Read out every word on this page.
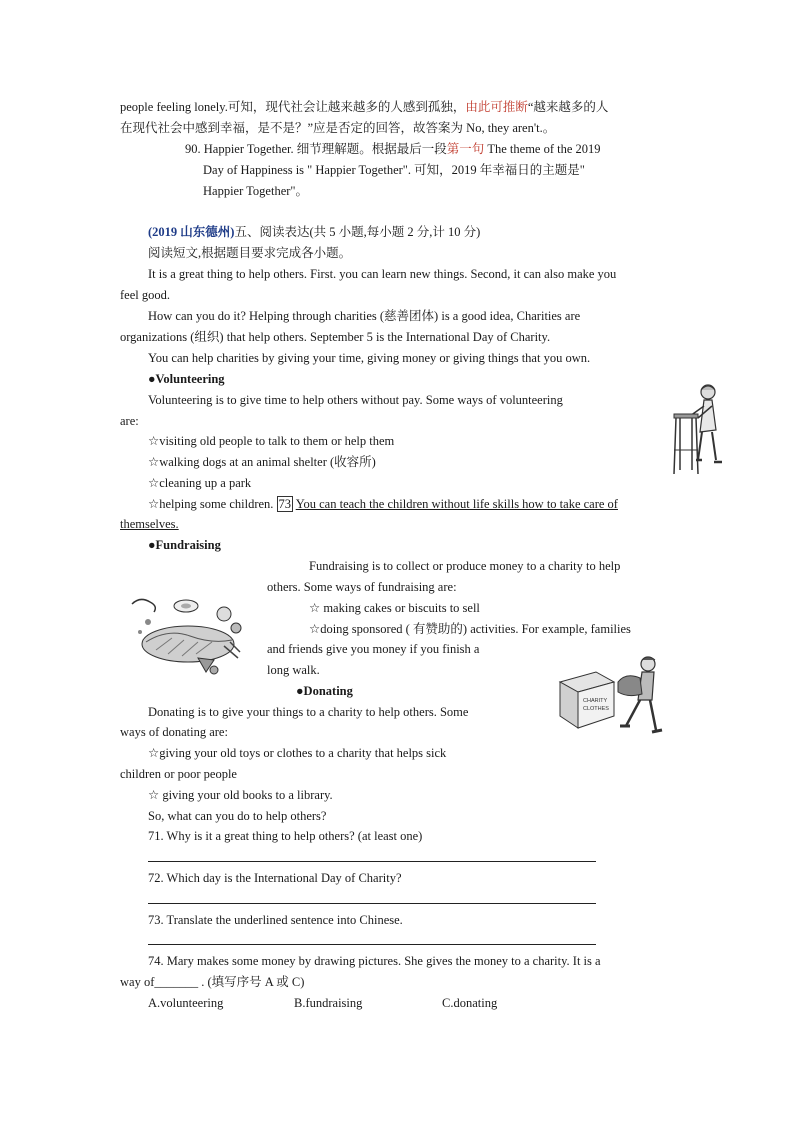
people feeling lonely.可知，现代社会让越来越多的人感到孤独，由此可推断“越来越多的人
在现代社会中感到幸福，是不是？”应是否定的回答，故答案为 No, they aren't.。
90. Happier Together. 细节理解题。根据最后一段第一句 The theme of the 2019
Day of Happiness is " Happier Together". 可知，2019 年幸福日的主题是"
Happier Together"。
(2019 山东德州)五、阅读表达(共 5 小题,每小题 2 分,计 10 分)
阅读短文,根据题目要求完成各小题。
It is a great thing to help others. First. you can learn new things. Second, it can also make you
feel good.
How can you do it? Helping through charities (慈善团体) is a good idea, Charities are
organizations (组织) that help others. September 5 is the International Day of Charity.
You can help charities by giving your time, giving money or giving things that you own.
●Volunteering
Volunteering is to give time to help others without pay. Some ways of volunteering
are:
☆visiting old people to talk to them or help them
☆walking dogs at an animal shelter (收容所)
☆cleaning up a park
☆helping some children. 73 You can teach the children without life skills how to take care of
themselves.
●Fundraising
Fundraising is to collect or produce money to a charity to help
others. Some ways of fundraising are:
☆ making cakes or biscuits to sell
☆doing sponsored ( 有赞助的) activities. For example, families
and friends give you money if you finish a
long walk.
●Donating
CHARITY
CLOTHES
Donating is to give your things to a charity to help others. Some
ways of donating are:
☆giving your old toys or clothes to a charity that helps sick
children or poor people
☆ giving your old books to a library.
So, what can you do to help others?
71. Why is it a great thing to help others? (at least one)
72. Which day is the International Day of Charity?
73. Translate the underlined sentence into Chinese.
74. Mary makes some money by drawing pictures. She gives the money to a charity. It is a
way of_______ . (填写序号 A 或 C)
A.volunteering	B.fundraising	C.donating
